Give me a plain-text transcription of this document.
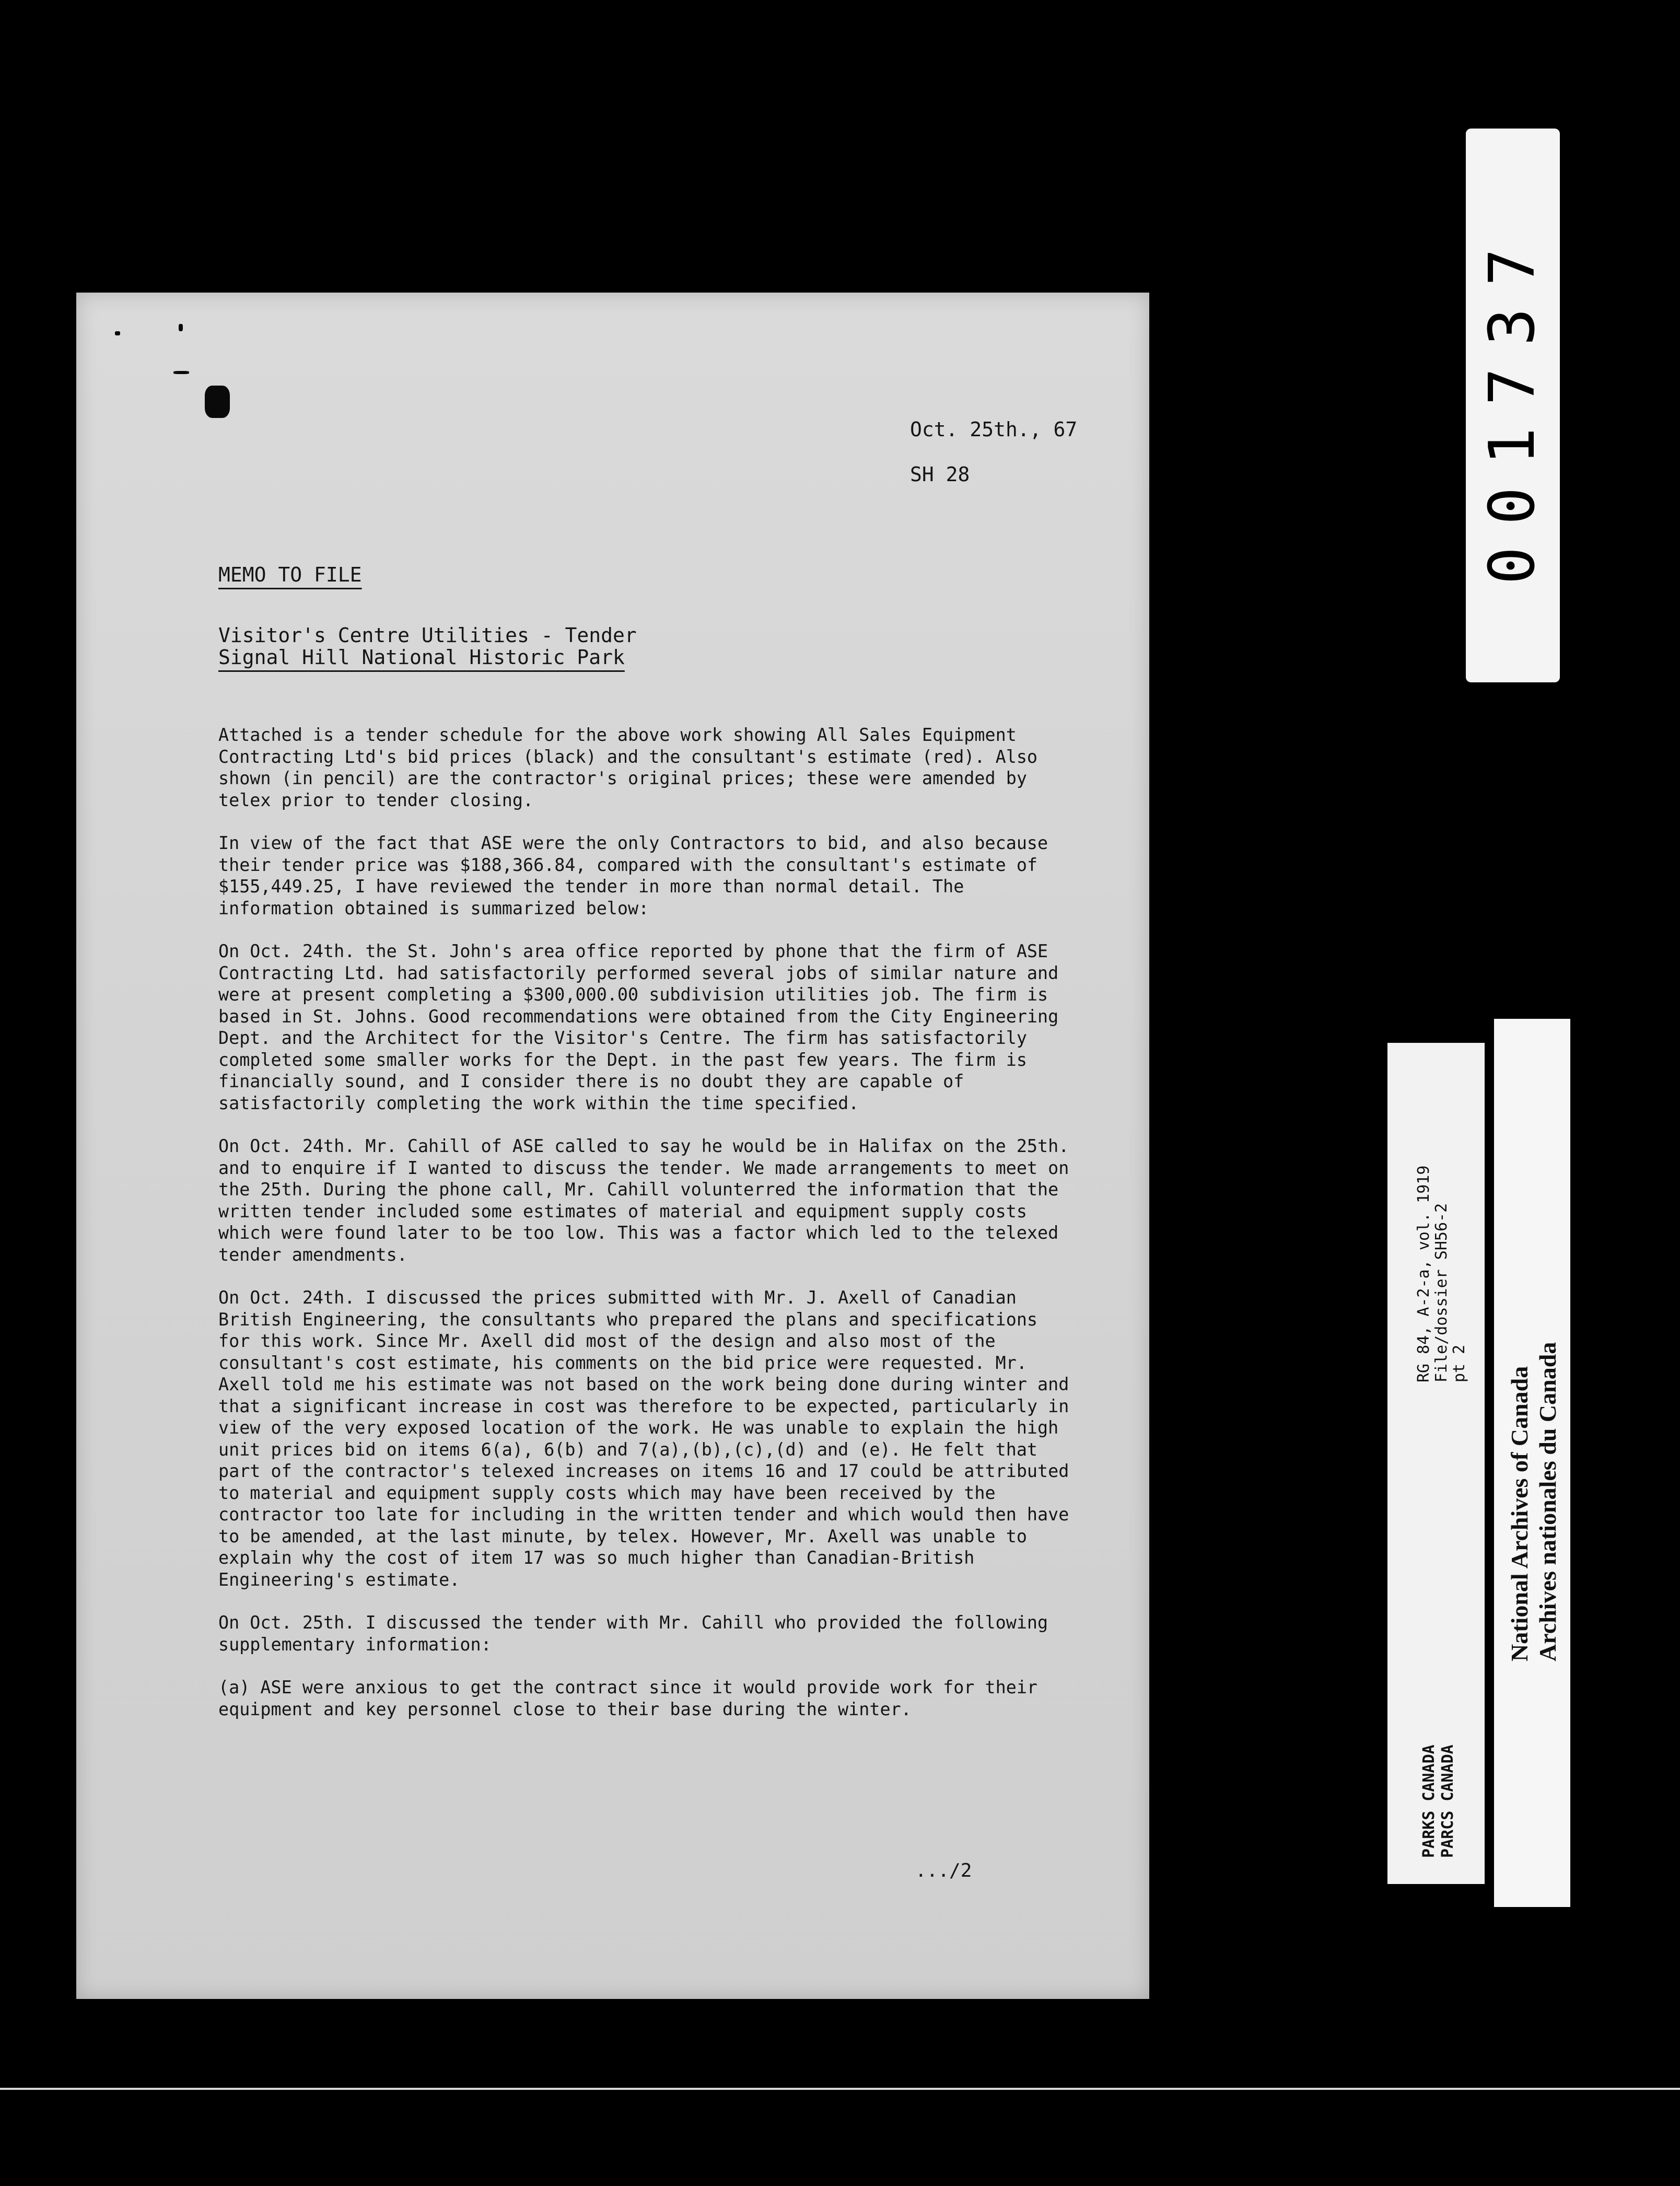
Oct. 25th., 67
SH 28
MEMO TO FILE
Visitor's Centre Utilities - Tender
Signal Hill National Historic Park

Attached is a tender schedule for the above work showing All Sales Equipment Contracting Ltd's bid prices (black) and the consultant's estimate (red). Also shown (in pencil) are the contractor's original prices; these were amended by telex prior to tender closing.

In view of the fact that ASE were the only Contractors to bid, and also because their tender price was $188,366.84, compared with the consultant's estimate of $155,449.25, I have reviewed the tender in more than normal detail. The information obtained is summarized below:

On Oct. 24th. the St. John's area office reported by phone that the firm of ASE Contracting Ltd. had satisfactorily performed several jobs of similar nature and were at present completing a $300,000.00 subdivision utilities job. The firm is based in St. Johns. Good recommendations were obtained from the City Engineering Dept. and the Architect for the Visitor's Centre. The firm has satisfactorily completed some smaller works for the Dept. in the past few years. The firm is financially sound, and I consider there is no doubt they are capable of satisfactorily completing the work within the time specified.

On Oct. 24th. Mr. Cahill of ASE called to say he would be in Halifax on the 25th. and to enquire if I wanted to discuss the tender. We made arrangements to meet on the 25th. During the phone call, Mr. Cahill volunterred the information that the written tender included some estimates of material and equipment supply costs which were found later to be too low. This was a factor which led to the telexed tender amendments.

On Oct. 24th. I discussed the prices submitted with Mr. J. Axell of Canadian British Engineering, the consultants who prepared the plans and specifications for this work. Since Mr. Axell did most of the design and also most of the consultant's cost estimate, his comments on the bid price were requested. Mr. Axell told me his estimate was not based on the work being done during winter and that a significant increase in cost was therefore to be expected, particularly in view of the very exposed location of the work. He was unable to explain the high unit prices bid on items 6(a), 6(b) and 7(a),(b),(c),(d) and (e). He felt that part of the contractor's telexed increases on items 16 and 17 could be attributed to material and equipment supply costs which may have been received by the contractor too late for including in the written tender and which would then have to be amended, at the last minute, by telex. However, Mr. Axell was unable to explain why the cost of item 17 was so much higher than Canadian-British Engineering's estimate.

On Oct. 25th. I discussed the tender with Mr. Cahill who provided the following supplementary information:

(a) ASE were anxious to get the contract since it would provide work for their equipment and key personnel close to their base during the winter.

.../2
001737
PARKS CANADA PARCS CANADA
RG 84, A-2-a, vol. 1919 File/dossier SH56-2 pt 2
National Archives of Canada Archives nationales du Canada
